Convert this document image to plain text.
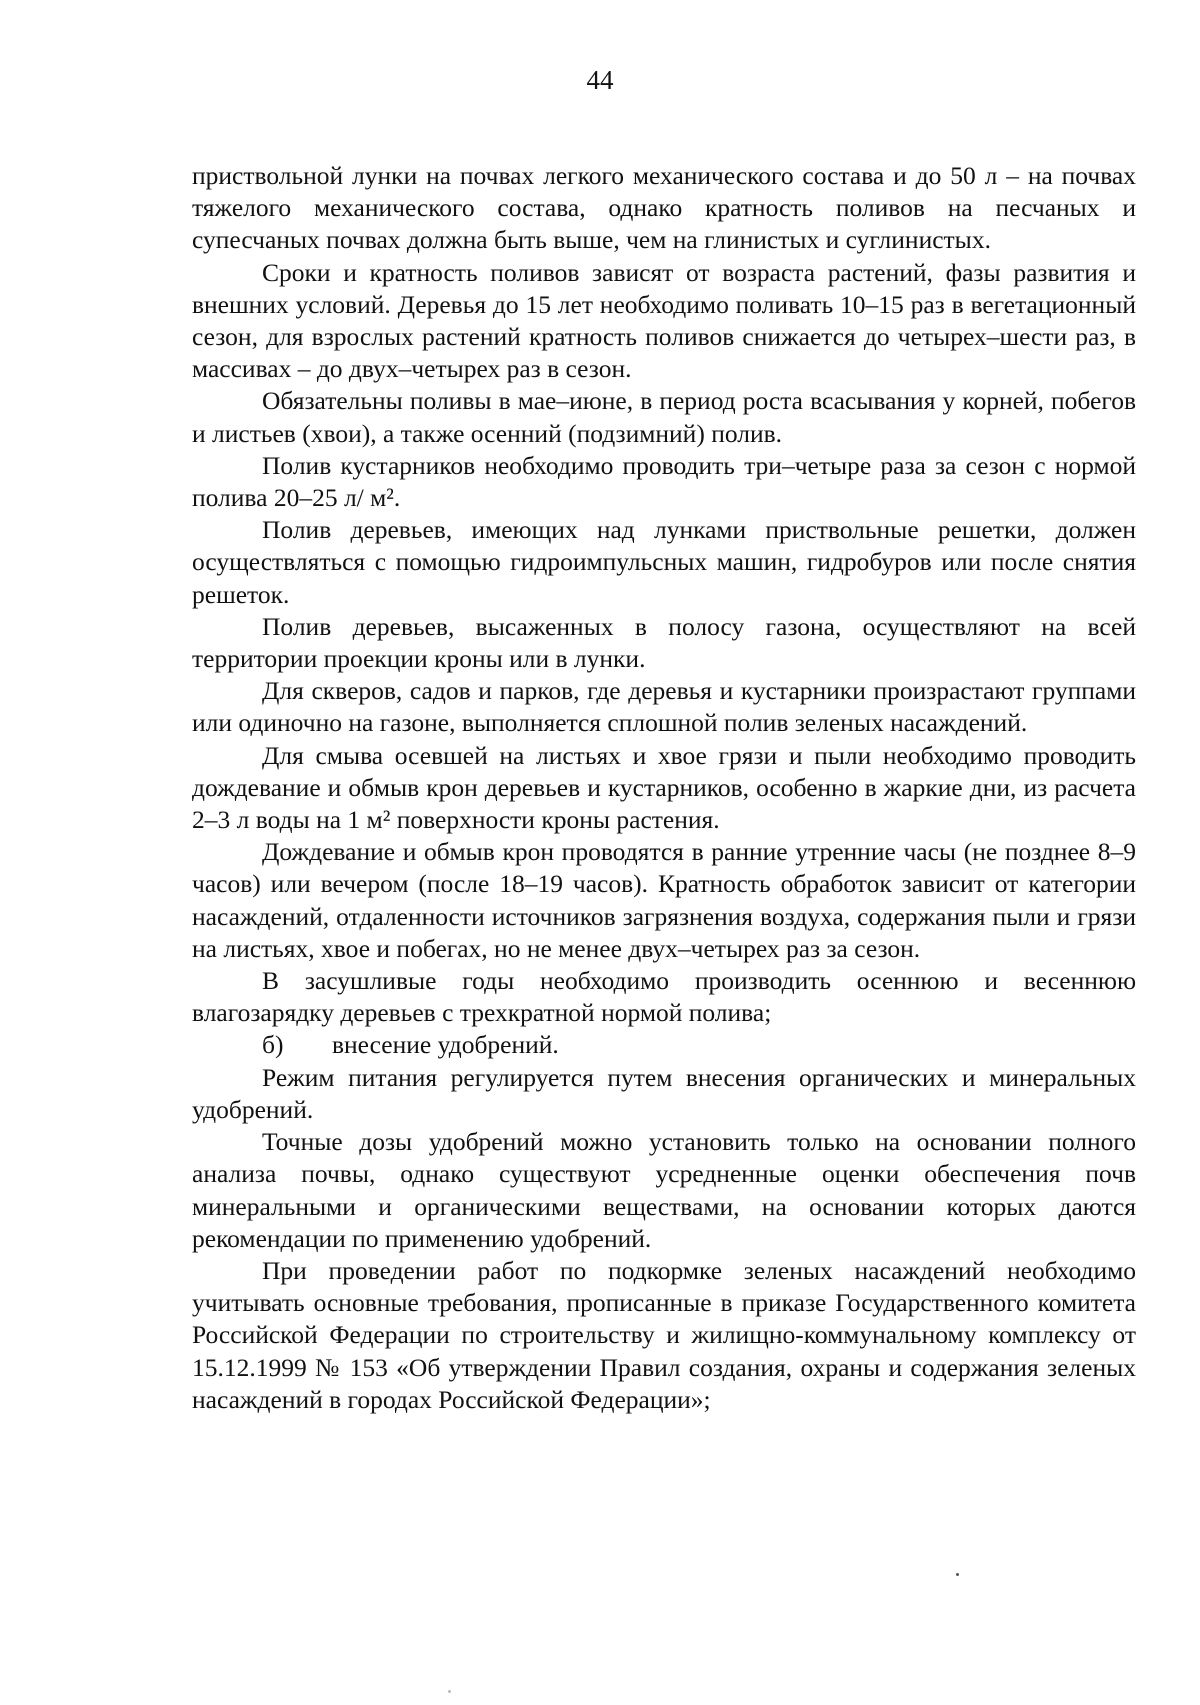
44

приствольной лунки на почвах легкого механического состава и до 50 л – на почвах тяжелого механического состава, однако кратность поливов на песчаных и супесчаных почвах должна быть выше, чем на глинистых и суглинистых.

Сроки и кратность поливов зависят от возраста растений, фазы развития и внешних условий. Деревья до 15 лет необходимо поливать 10–15 раз в вегетационный сезон, для взрослых растений кратность поливов снижается до четырех–шести раз, в массивах – до двух–четырех раз в сезон.

Обязательны поливы в мае–июне, в период роста всасывания у корней, побегов и листьев (хвои), а также осенний (подзимний) полив.

Полив кустарников необходимо проводить три–четыре раза за сезон с нормой полива 20–25 л/ м².

Полив деревьев, имеющих над лунками приствольные решетки, должен осуществляться с помощью гидроимпульсных машин, гидробуров или после снятия решеток.

Полив деревьев, высаженных в полосу газона, осуществляют на всей территории проекции кроны или в лунки.

Для скверов, садов и парков, где деревья и кустарники произрастают группами или одиночно на газоне, выполняется сплошной полив зеленых насаждений.

Для смыва осевшей на листьях и хвое грязи и пыли необходимо проводить дождевание и обмыв крон деревьев и кустарников, особенно в жаркие дни, из расчета 2–3 л воды на 1 м² поверхности кроны растения.

Дождевание и обмыв крон проводятся в ранние утренние часы (не позднее 8–9 часов) или вечером (после 18–19 часов). Кратность обработок зависит от категории насаждений, отдаленности источников загрязнения воздуха, содержания пыли и грязи на листьях, хвое и побегах, но не менее двух–четырех раз за сезон.

В засушливые годы необходимо производить осеннюю и весеннюю влагозарядку деревьев с трехкратной нормой полива;

б) внесение удобрений.

Режим питания регулируется путем внесения органических и минеральных удобрений.

Точные дозы удобрений можно установить только на основании полного анализа почвы, однако существуют усредненные оценки обеспечения почв минеральными и органическими веществами, на основании которых даются рекомендации по применению удобрений.

При проведении работ по подкормке зеленых насаждений необходимо учитывать основные требования, прописанные в приказе Государственного комитета Российской Федерации по строительству и жилищно-коммунальному комплексу от 15.12.1999 № 153 «Об утверждении Правил создания, охраны и содержания зеленых насаждений в городах Российской Федерации»;
